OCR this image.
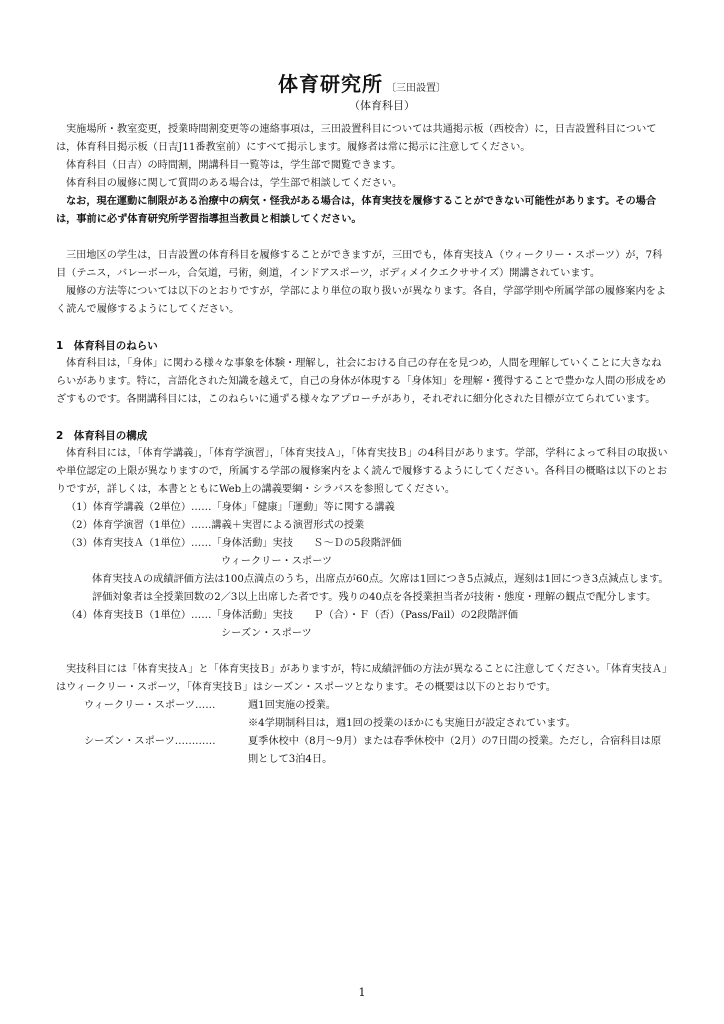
体育研究所 〔三田設置〕
（体育科目）

実施場所・教室変更，授業時間割変更等の連絡事項は，三田設置科目については共通掲示板（西校舎）に，日吉設置科目については，体育科目掲示板（日吉J11番教室前）にすべて掲示します。履修者は常に掲示に注意してください。

体育科目（日吉）の時間割，開講科目一覧等は，学生部で閲覧できます。

体育科目の履修に関して質問のある場合は，学生部で相談してください。

なお，現在運動に制限がある治療中の病気・怪我がある場合は，体育実技を履修することができない可能性があります。その場合は，事前に必ず体育研究所学習指導担当教員と相談してください。

三田地区の学生は，日吉設置の体育科目を履修することができますが，三田でも，体育実技Ａ（ウィークリー・スポーツ）が，7科目（テニス，バレーボール，合気道，弓術，剣道，インドアスポーツ，ボディメイクエクササイズ）開講されています。

履修の方法等については以下のとおりですが，学部により単位の取り扱いが異なります。各自，学部学則や所属学部の履修案内をよく読んで履修するようにしてください。

1　体育科目のねらい

体育科目は，「身体」に関わる様々な事象を体験・理解し，社会における自己の存在を見つめ，人間を理解していくことに大きなねらいがあります。特に，言語化された知識を越えて，自己の身体が体現する「身体知」を理解・獲得することで豊かな人間の形成をめざすものです。各開講科目には，このねらいに通ずる様々なアプローチがあり，それぞれに細分化された目標が立てられています。

2　体育科目の構成

体育科目には，「体育学講義」，「体育学演習」，「体育実技Ａ」，「体育実技Ｂ」の4科目があります。学部，学科によって科目の取扱いや単位認定の上限が異なりますので，所属する学部の履修案内をよく読んで履修するようにしてください。各科目の概略は以下のとおりですが，詳しくは，本書とともにWeb上の講義要綱・シラバスを参照してください。

（1）体育学講義（2単位）……「身体」「健康」「運動」等に関する講義

（2）体育学演習（1単位）……講義＋実習による演習形式の授業

（3）体育実技Ａ（1単位）……「身体活動」実技　　Ｓ～Ｄの5段階評価

ウィークリー・スポーツ

体育実技Ａの成績評価方法は100点満点のうち，出席点が60点。欠席は1回につき5点減点，遅刻は1回につき3点減点します。評価対象者は全授業回数の2／3以上出席した者です。残りの40点を各授業担当者が技術・態度・理解の観点で配分します。

（4）体育実技Ｂ（1単位）……「身体活動」実技　　Ｐ（合）・Ｆ（否）（Pass/Fail）の2段階評価

シーズン・スポーツ

実技科目には「体育実技Ａ」と「体育実技Ｂ」がありますが，特に成績評価の方法が異なることに注意してください。「体育実技Ａ」はウィークリー・スポーツ，「体育実技Ｂ」はシーズン・スポーツとなります。その概要は以下のとおりです。

ウィークリー・スポーツ……	週1回実施の授業。

※4学期制科目は，週1回の授業のほかにも実施日が設定されています。

シーズン・スポーツ…………	夏季休校中（8月～9月）または春季休校中（2月）の7日間の授業。ただし，合宿科目は原則として3泊4日。
1
